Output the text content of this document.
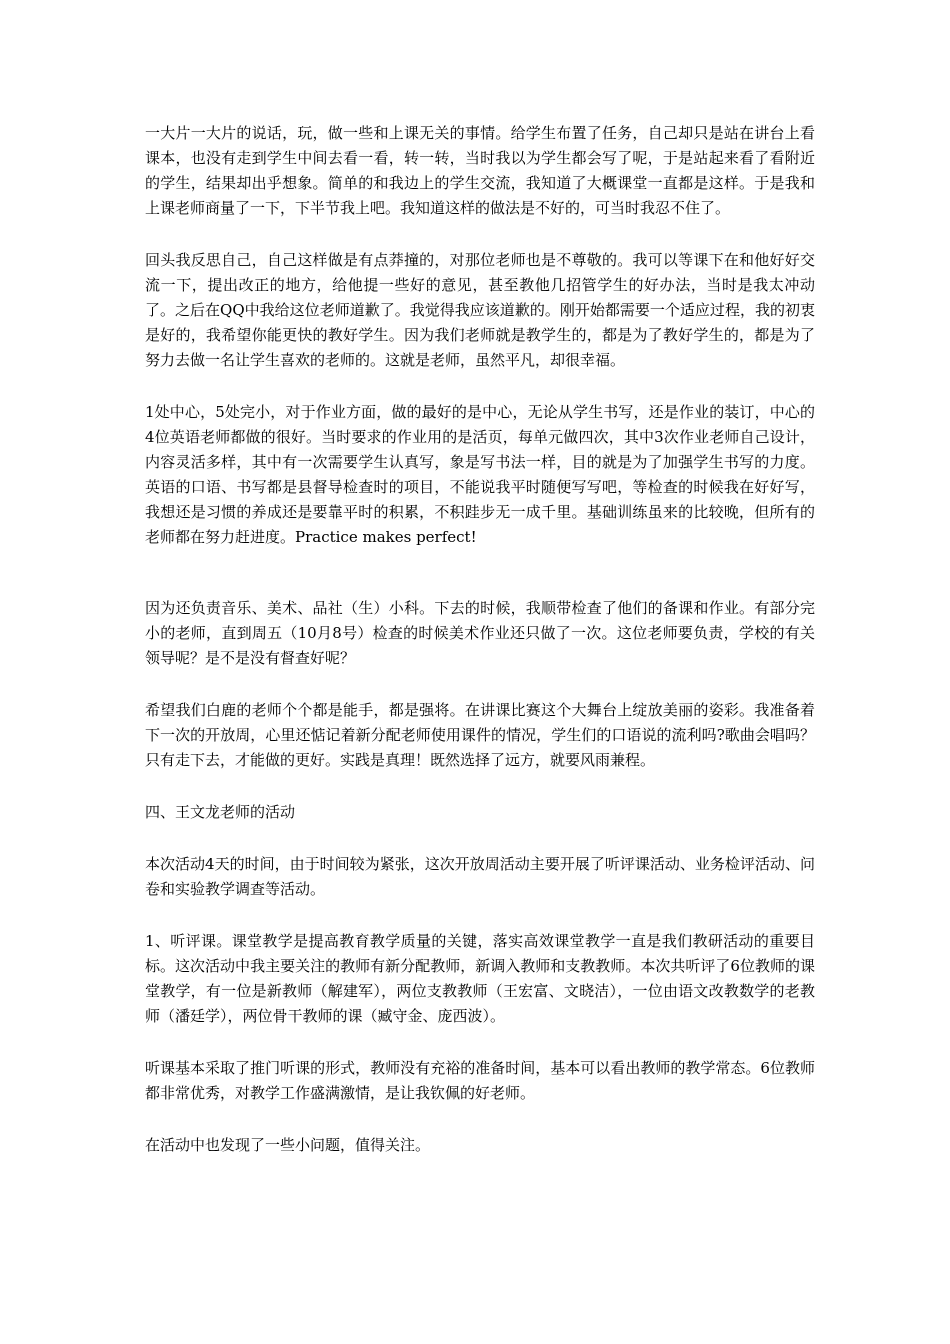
一大片一大片的说话，玩，做一些和上课无关的事情。给学生布置了任务，自己却只是站在讲台上看课本，也没有走到学生中间去看一看，转一转，当时我以为学生都会写了呢，于是站起来看了看附近的学生，结果却出乎想象。简单的和我边上的学生交流，我知道了大概课堂一直都是这样。于是我和上课老师商量了一下，下半节我上吧。我知道这样的做法是不好的，可当时我忍不住了。

回头我反思自己，自己这样做是有点莽撞的，对那位老师也是不尊敬的。我可以等课下在和他好好交流一下，提出改正的地方，给他提一些好的意见，甚至教他几招管学生的好办法，当时是我太冲动了。之后在QQ中我给这位老师道歉了。我觉得我应该道歉的。刚开始都需要一个适应过程，我的初衷是好的，我希望你能更快的教好学生。因为我们老师就是教学生的，都是为了教好学生的，都是为了努力去做一名让学生喜欢的老师的。这就是老师，虽然平凡，却很幸福。

1处中心，5处完小，对于作业方面，做的最好的是中心，无论从学生书写，还是作业的装订，中心的4位英语老师都做的很好。当时要求的作业用的是活页，每单元做四次，其中3次作业老师自己设计，内容灵活多样，其中有一次需要学生认真写，象是写书法一样，目的就是为了加强学生书写的力度。英语的口语、书写都是县督导检查时的项目，不能说我平时随便写写吧，等检查的时候我在好好写，我想还是习惯的养成还是要靠平时的积累，不积跬步无一成千里。基础训练虽来的比较晚，但所有的老师都在努力赶进度。Practice makes perfect!

因为还负责音乐、美术、品社（生）小科。下去的时候，我顺带检查了他们的备课和作业。有部分完小的老师，直到周五（10月8号）检查的时候美术作业还只做了一次。这位老师要负责，学校的有关领导呢？是不是没有督查好呢？

希望我们白鹿的老师个个都是能手，都是强将。在讲课比赛这个大舞台上绽放美丽的姿彩。我准备着下一次的开放周，心里还惦记着新分配老师使用课件的情况，学生们的口语说的流利吗?歌曲会唱吗？只有走下去，才能做的更好。实践是真理！既然选择了远方，就要风雨兼程。

四、王文龙老师的活动

本次活动4天的时间，由于时间较为紧张，这次开放周活动主要开展了听评课活动、业务检评活动、问卷和实验教学调查等活动。

1、听评课。课堂教学是提高教育教学质量的关键，落实高效课堂教学一直是我们教研活动的重要目标。这次活动中我主要关注的教师有新分配教师，新调入教师和支教教师。本次共听评了6位教师的课堂教学，有一位是新教师（解建军），两位支教教师（王宏富、文晓洁），一位由语文改教数学的老教师（潘廷学），两位骨干教师的课（臧守金、庞西波）。

听课基本采取了推门听课的形式，教师没有充裕的准备时间，基本可以看出教师的教学常态。6位教师都非常优秀，对教学工作盛满激情，是让我钦佩的好老师。

在活动中也发现了一些小问题，值得关注。
